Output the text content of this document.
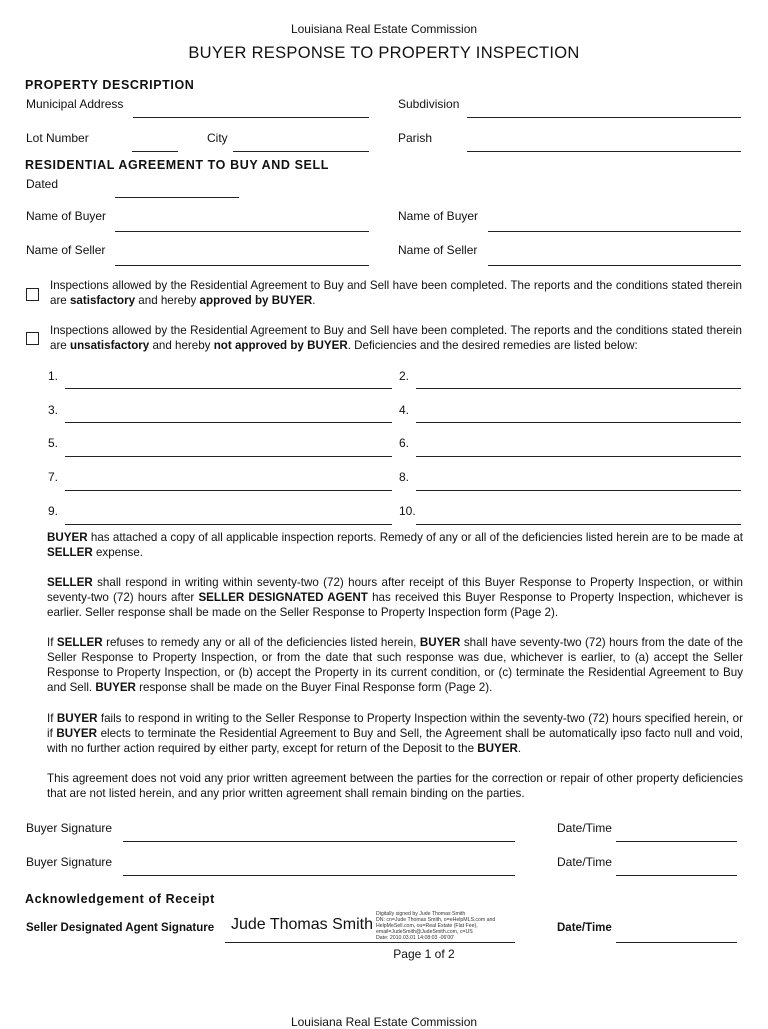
Louisiana Real Estate Commission
BUYER RESPONSE TO PROPERTY INSPECTION
PROPERTY DESCRIPTION
Municipal Address	Subdivision
Lot Number	City	Parish
RESIDENTIAL AGREEMENT TO BUY AND SELL
Dated
Name of Buyer	Name of Buyer
Name of Seller	Name of Seller
Inspections allowed by the Residential Agreement to Buy and Sell have been completed. The reports and the conditions stated therein are satisfactory and hereby approved by BUYER.
Inspections allowed by the Residential Agreement to Buy and Sell have been completed. The reports and the conditions stated therein are unsatisfactory and hereby not approved by BUYER. Deficiencies and the desired remedies are listed below:
1.	2.
3.	4.
5.	6.
7.	8.
9.	10.
BUYER has attached a copy of all applicable inspection reports. Remedy of any or all of the deficiencies listed herein are to be made at SELLER expense.
SELLER shall respond in writing within seventy-two (72) hours after receipt of this Buyer Response to Property Inspection, or within seventy-two (72) hours after SELLER DESIGNATED AGENT has received this Buyer Response to Property Inspection, whichever is earlier. Seller response shall be made on the Seller Response to Property Inspection form (Page 2).
If SELLER refuses to remedy any or all of the deficiencies listed herein, BUYER shall have seventy-two (72) hours from the date of the Seller Response to Property Inspection, or from the date that such response was due, whichever is earlier, to (a) accept the Seller Response to Property Inspection, or (b) accept the Property in its current condition, or (c) terminate the Residential Agreement to Buy and Sell. BUYER response shall be made on the Buyer Final Response form (Page 2).
If BUYER fails to respond in writing to the Seller Response to Property Inspection within the seventy-two (72) hours specified herein, or if BUYER elects to terminate the Residential Agreement to Buy and Sell, the Agreement shall be automatically ipso facto null and void, with no further action required by either party, except for return of the Deposit to the BUYER.
This agreement does not void any prior written agreement between the parties for the correction or repair of other property deficiencies that are not listed herein, and any prior written agreement shall remain binding on the parties.
Buyer Signature	Date/Time
Buyer Signature	Date/Time
Acknowledgement of Receipt
Seller Designated Agent Signature Jude Thomas Smith
Digitally signed by Jude Thomas Smith
DN: cn=Jude Thomas Smith, o=eHelpMLS.com and
HelpMeSell.com, ou=Real Estate (Flat Fee),
email=JudeSmith@JudeSmith.com, c=US
Date: 2010.03.01 14:08:03 -06'00'
Date/Time
Page 1 of 2
Louisiana Real Estate Commission
